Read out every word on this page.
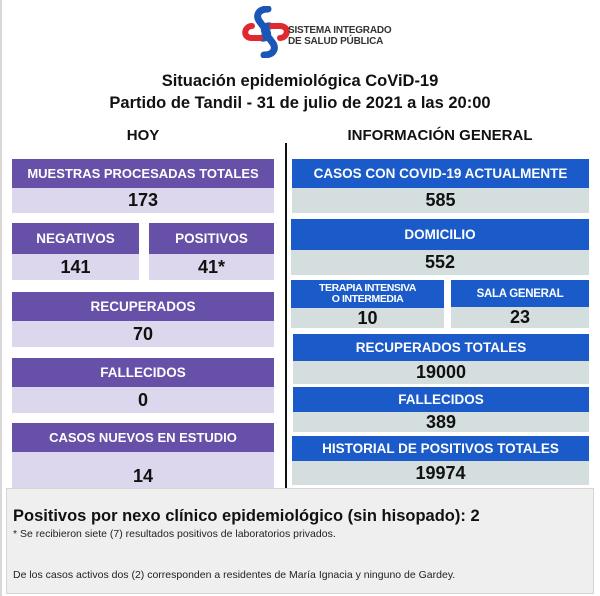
SISTEMA INTEGRADO
DE SALUD PÚBLICA
Situación epidemiológica CoViD-19
Partido de Tandil - 31 de julio de 2021 a las 20:00
HOY	INFORMACIÓN GENERAL
MUESTRAS PROCESADAS TOTALES
173
NEGATIVOS
141
POSITIVOS
41*
RECUPERADOS
70
FALLECIDOS
0
CASOS NUEVOS EN ESTUDIO
14
CASOS CON COVID-19 ACTUALMENTE
585
DOMICILIO
552
TERAPIA INTENSIVA
O INTERMEDIA
10
SALA GENERAL
23
RECUPERADOS TOTALES
19000
FALLECIDOS
389
HISTORIAL DE POSITIVOS TOTALES
19974
Positivos por nexo clínico epidemiológico (sin hisopado): 2
* Se recibieron siete (7) resultados positivos de laboratorios privados.
De los casos activos dos (2) corresponden a residentes de María Ignacia y ninguno de Gardey.
